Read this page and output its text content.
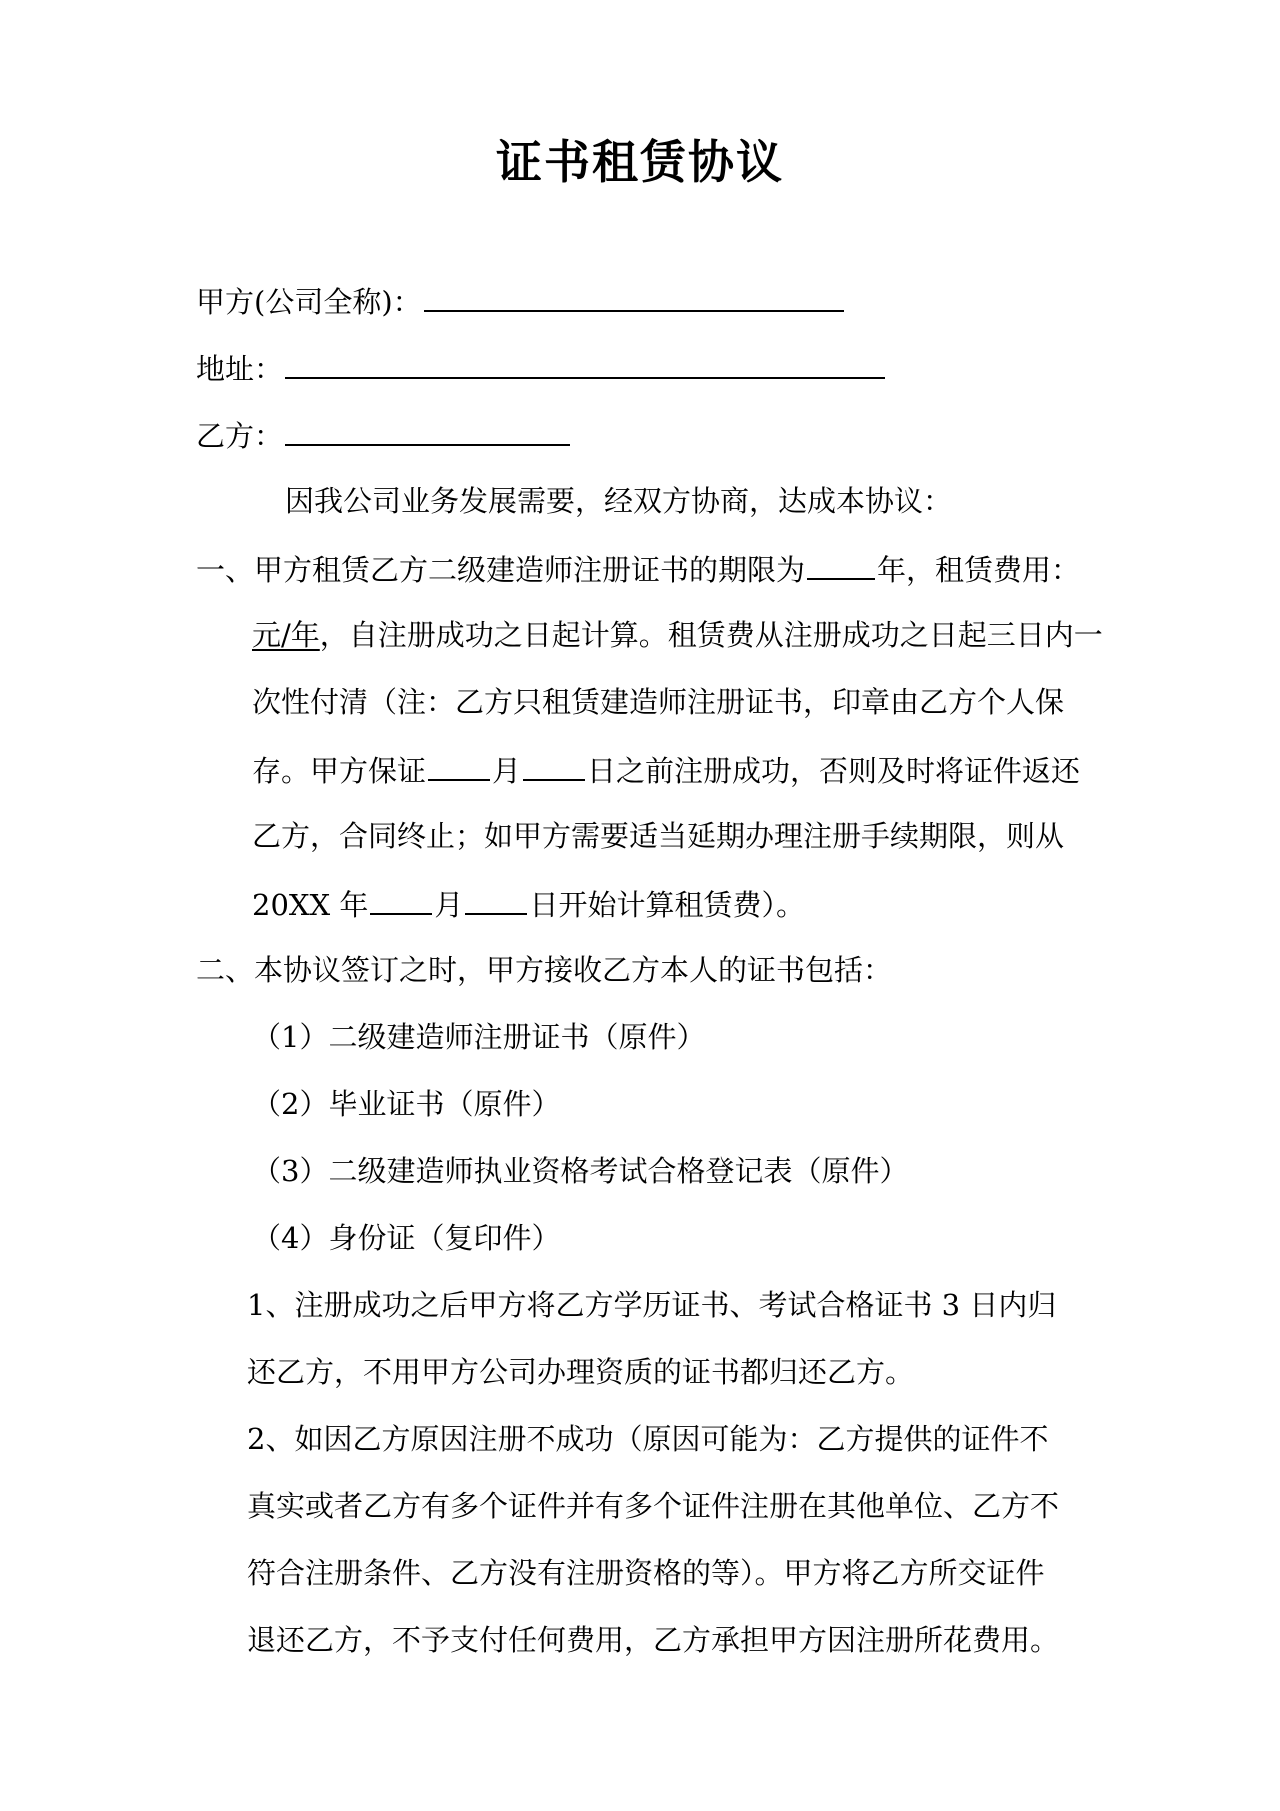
证书租赁协议
甲方(公司全称)：
地址：
乙方：
因我公司业务发展需要，经双方协商，达成本协议：
一、甲方租赁乙方二级建造师注册证书的期限为 年，租赁费用：
元/年，自注册成功之日起计算。租赁费从注册成功之日起三日内一
次性付清（注：乙方只租赁建造师注册证书，印章由乙方个人保
存。甲方保证 月 日之前注册成功，否则及时将证件返还
乙方，合同终止；如甲方需要适当延期办理注册手续期限，则从
20XX 年 月 日开始计算租赁费）。
二、本协议签订之时，甲方接收乙方本人的证书包括：
（1）二级建造师注册证书（原件）
（2）毕业证书（原件）
（3）二级建造师执业资格考试合格登记表（原件）
（4）身份证（复印件）
1、注册成功之后甲方将乙方学历证书、考试合格证书 3 日内归
还乙方，不用甲方公司办理资质的证书都归还乙方。
2、如因乙方原因注册不成功（原因可能为：乙方提供的证件不
真实或者乙方有多个证件并有多个证件注册在其他单位、乙方不
符合注册条件、乙方没有注册资格的等）。甲方将乙方所交证件
退还乙方，不予支付任何费用，乙方承担甲方因注册所花费用。
